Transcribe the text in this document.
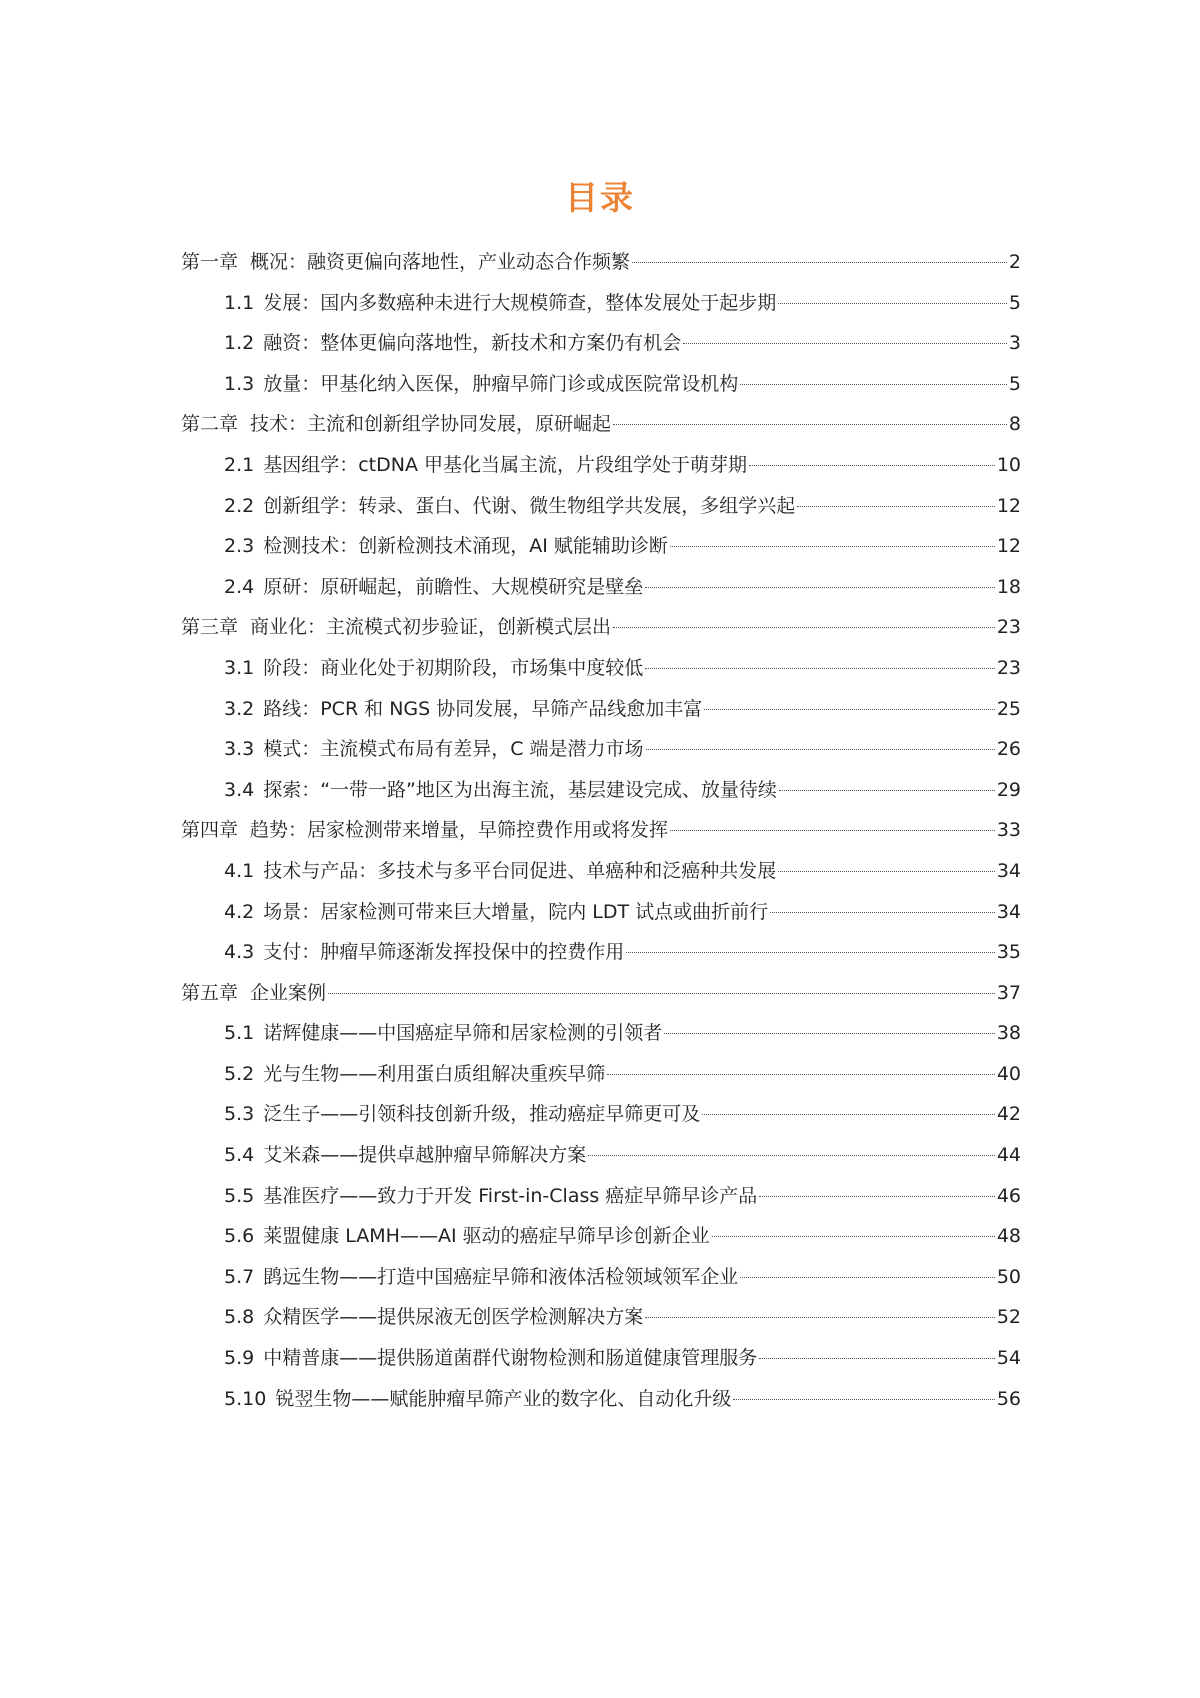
目录
第一章 概况：融资更偏向落地性，产业动态合作频繁	2
1.1 发展：国内多数癌种未进行大规模筛查，整体发展处于起步期	5
1.2 融资：整体更偏向落地性，新技术和方案仍有机会	3
1.3 放量：甲基化纳入医保，肿瘤早筛门诊或成医院常设机构	5
第二章 技术：主流和创新组学协同发展，原研崛起	8
2.1 基因组学：ctDNA 甲基化当属主流，片段组学处于萌芽期	10
2.2 创新组学：转录、蛋白、代谢、微生物组学共发展，多组学兴起	12
2.3 检测技术：创新检测技术涌现，AI 赋能辅助诊断	12
2.4 原研：原研崛起，前瞻性、大规模研究是壁垒	18
第三章 商业化：主流模式初步验证，创新模式层出	23
3.1 阶段：商业化处于初期阶段，市场集中度较低	23
3.2 路线：PCR 和 NGS 协同发展，早筛产品线愈加丰富	25
3.3 模式：主流模式布局有差异，C 端是潜力市场	26
3.4 探索：“一带一路”地区为出海主流，基层建设完成、放量待续	29
第四章 趋势：居家检测带来增量，早筛控费作用或将发挥	33
4.1 技术与产品：多技术与多平台同促进、单癌种和泛癌种共发展	34
4.2 场景：居家检测可带来巨大增量，院内 LDT 试点或曲折前行	34
4.3 支付：肿瘤早筛逐渐发挥投保中的控费作用	35
第五章 企业案例	37
5.1 诺辉健康——中国癌症早筛和居家检测的引领者	38
5.2 光与生物——利用蛋白质组解决重疾早筛	40
5.3 泛生子——引领科技创新升级，推动癌症早筛更可及	42
5.4 艾米森——提供卓越肿瘤早筛解决方案	44
5.5 基准医疗——致力于开发 First-in-Class 癌症早筛早诊产品	46
5.6 莱盟健康 LAMH——AI 驱动的癌症早筛早诊创新企业	48
5.7 鹍远生物——打造中国癌症早筛和液体活检领域领军企业	50
5.8 众精医学——提供尿液无创医学检测解决方案	52
5.9 中精普康——提供肠道菌群代谢物检测和肠道健康管理服务	54
5.10 锐翌生物——赋能肿瘤早筛产业的数字化、自动化升级	56
